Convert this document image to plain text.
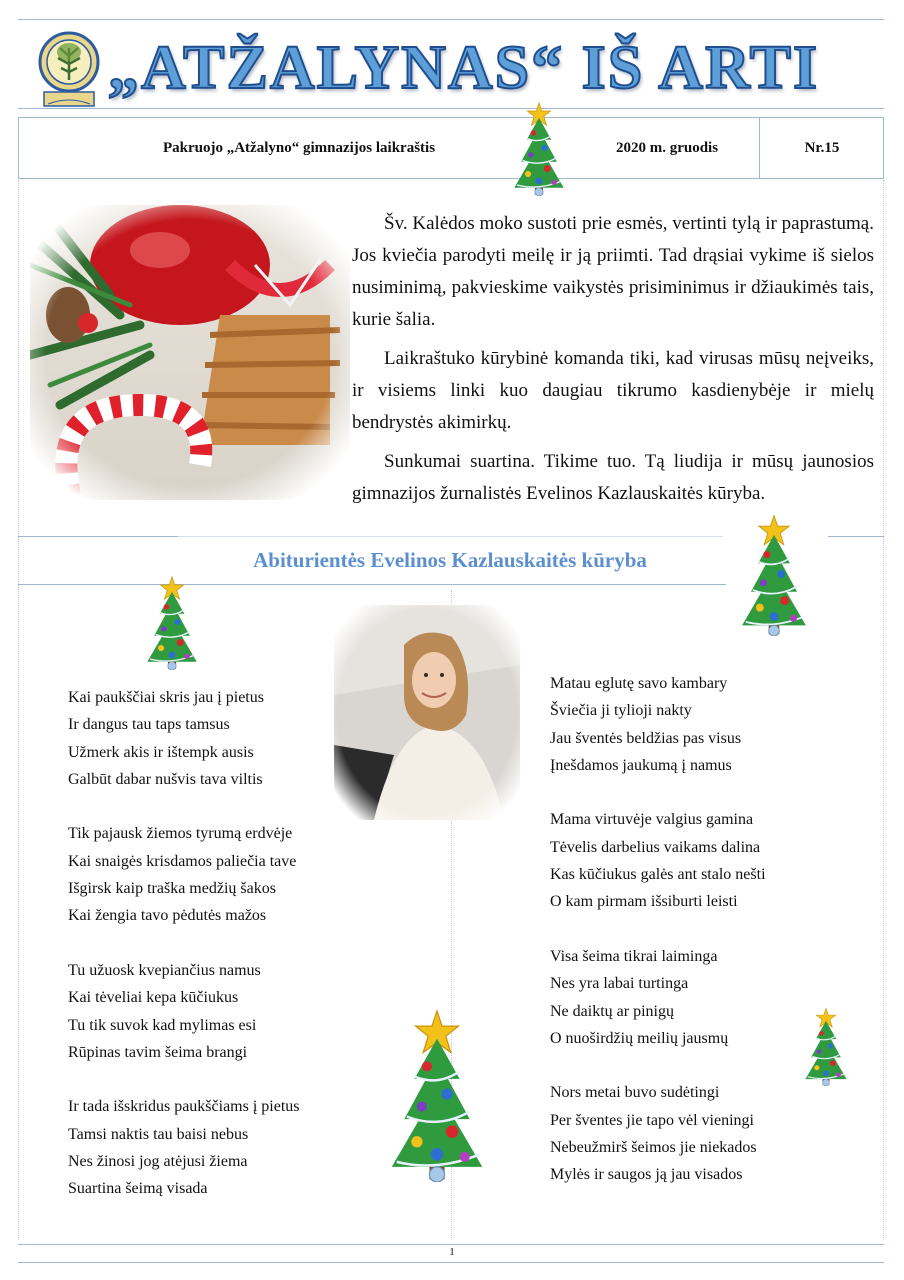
„ATŽALYNAS“ IŠ ARTI
Pakruojo „Atžalyno“ gimnazijos laikraštis	2020 m. gruodis	Nr.15

Šv. Kalėdos moko sustoti prie esmės, vertinti tylą ir paprastumą. Jos kviečia parodyti meilę ir ją priimti. Tad drąsiai vykime iš sielos nusiminimą, pakvieskime vaikystės prisiminimus ir džiaukimės tais, kurie šalia.

Laikraštuko kūrybinė komanda tiki, kad virusas mūsų neįveiks, ir visiems linki kuo daugiau tikrumo kasdienybėje ir mielų bendrystės akimirkų.

Sunkumai suartina. Tikime tuo. Tą liudija ir mūsų jaunosios gimnazijos žurnalistės Evelinos Kazlauskaitės kūryba.

Abiturientės Evelinos Kazlauskaitės kūryba
Kai paukščiai skris jau į pietus
Ir dangus tau taps tamsus
Užmerk akis ir ištempk ausis
Galbūt dabar nušvis tava viltis
Tik pajausk žiemos tyrumą erdvėje
Kai snaigės krisdamos paliečia tave
Išgirsk kaip traška medžių šakos
Kai žengia tavo pėdutės mažos
Tu užuosk kvepiančius namus
Kai tėveliai kepa kūčiukus
Tu tik suvok kad mylimas esi
Rūpinas tavim šeima brangi
Ir tada išskridus paukščiams į pietus
Tamsi naktis tau baisi nebus
Nes žinosi jog atėjusi žiema
Suartina šeimą visada
Matau eglutę savo kambary
Šviečia ji tylioji nakty
Jau šventės beldžias pas visus
Įnešdamos jaukumą į namus
Mama virtuvėje valgius gamina
Tėvelis darbelius vaikams dalina
Kas kūčiukus galės ant stalo nešti
O kam pirmam išsiburti leisti
Visa šeima tikrai laiminga
Nes yra labai turtinga
Ne daiktų ar pinigų
O nuoširdžių meilių jausmų
Nors metai buvo sudėtingi
Per šventes jie tapo vėl vieningi
Nebeužmirš šeimos jie niekados
Mylės ir saugos ją jau visados
1
